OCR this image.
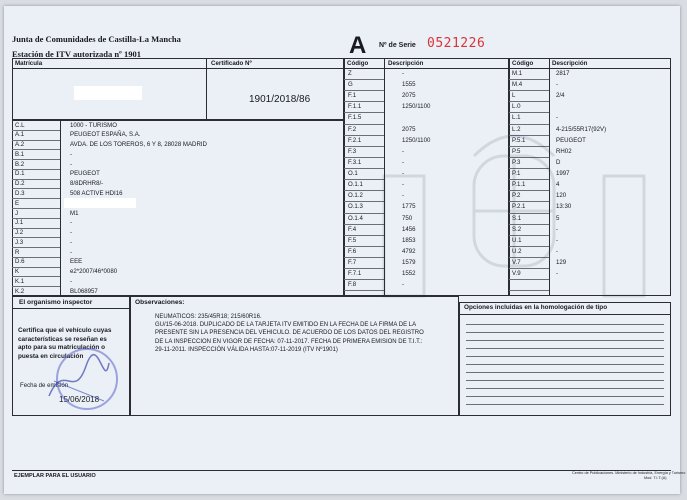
Junta de Comunidades de Castilla-La Mancha
Estación de ITV autorizada nº 1901	A Nº de Serie 0521226
Matrícula	Certificado Nº
1901/2018/86
C.L	1000 - TURISMO
A.1	PEUGEOT ESPAÑA, S.A.
A.2	AVDA. DE LOS TOREROS, 6 Y 8, 28028 MADRID
B.1	-
B.2	-
D.1	PEUGEOT
D.2	8/8DRHR8/-
D.3	508 ACTIVE HDI16
E
J	M1
J.1	-
J.2	-
J.3	-
R	-
D.6	EEE
K	e2*2007/46*0080
K.1	-
K.2	BL068957
Código	Descripción
Z	-
G	1555
F.1	2075
F.1.1	1250/1100
F.1.5
F.2	2075
F.2.1	1250/1100
F.3	-
F.3.1	-
O.1	-
O.1.1	-
O.1.2	-
O.1.3	1775
O.1.4	750
F.4	1456
F.5	1853
F.6	4792
F.7	1579
F.7.1	1552
F.8	-
Código	Descripción
M.1	2817
M.4	-
L	2/4
L.0
L.1	-
L.2	4-215/55R17(92V)
P.5.1	PEUGEOT
P.5	RH02
P.3	D
P.1	1997
P.1.1	4
P.2	120
P.2.1	13:30
S.1	5
S.2	-
U.1	-
U.2	-
V.7	129
V.9	-
El organismo inspector
Certifica que el vehículo cuyas
características se reseñan es
apto para su matriculación o
puesta en circulación
Fecha de emisión
15/06/2018
Observaciones:
NEUMATICOS: 235/45R18; 215/60R16.
GU/15-06-2018. DUPLICADO DE LA TARJETA ITV EMITIDO EN LA FECHA DE LA FIRMA DE LA
PRESENTE SIN LA PRESENCIA DEL VEHICULO. DE ACUERDO DE LOS DATOS DEL REGISTRO
DE LA INSPECCION EN VIGOR DE FECHA: 07-11-2017. FECHA DE PRIMERA EMISION DE T.I.T.:
29-11-2011. INSPECCIÓN VÁLIDA HASTA:07-11-2019 (ITV Nº1901)
Opciones incluidas en la homologación de tipo
EJEMPLAR PARA EL USUARIO	Centro de Publicaciones. Ministerio de Industria, Energía y Turismo
Mod. T.I.T.(A)
